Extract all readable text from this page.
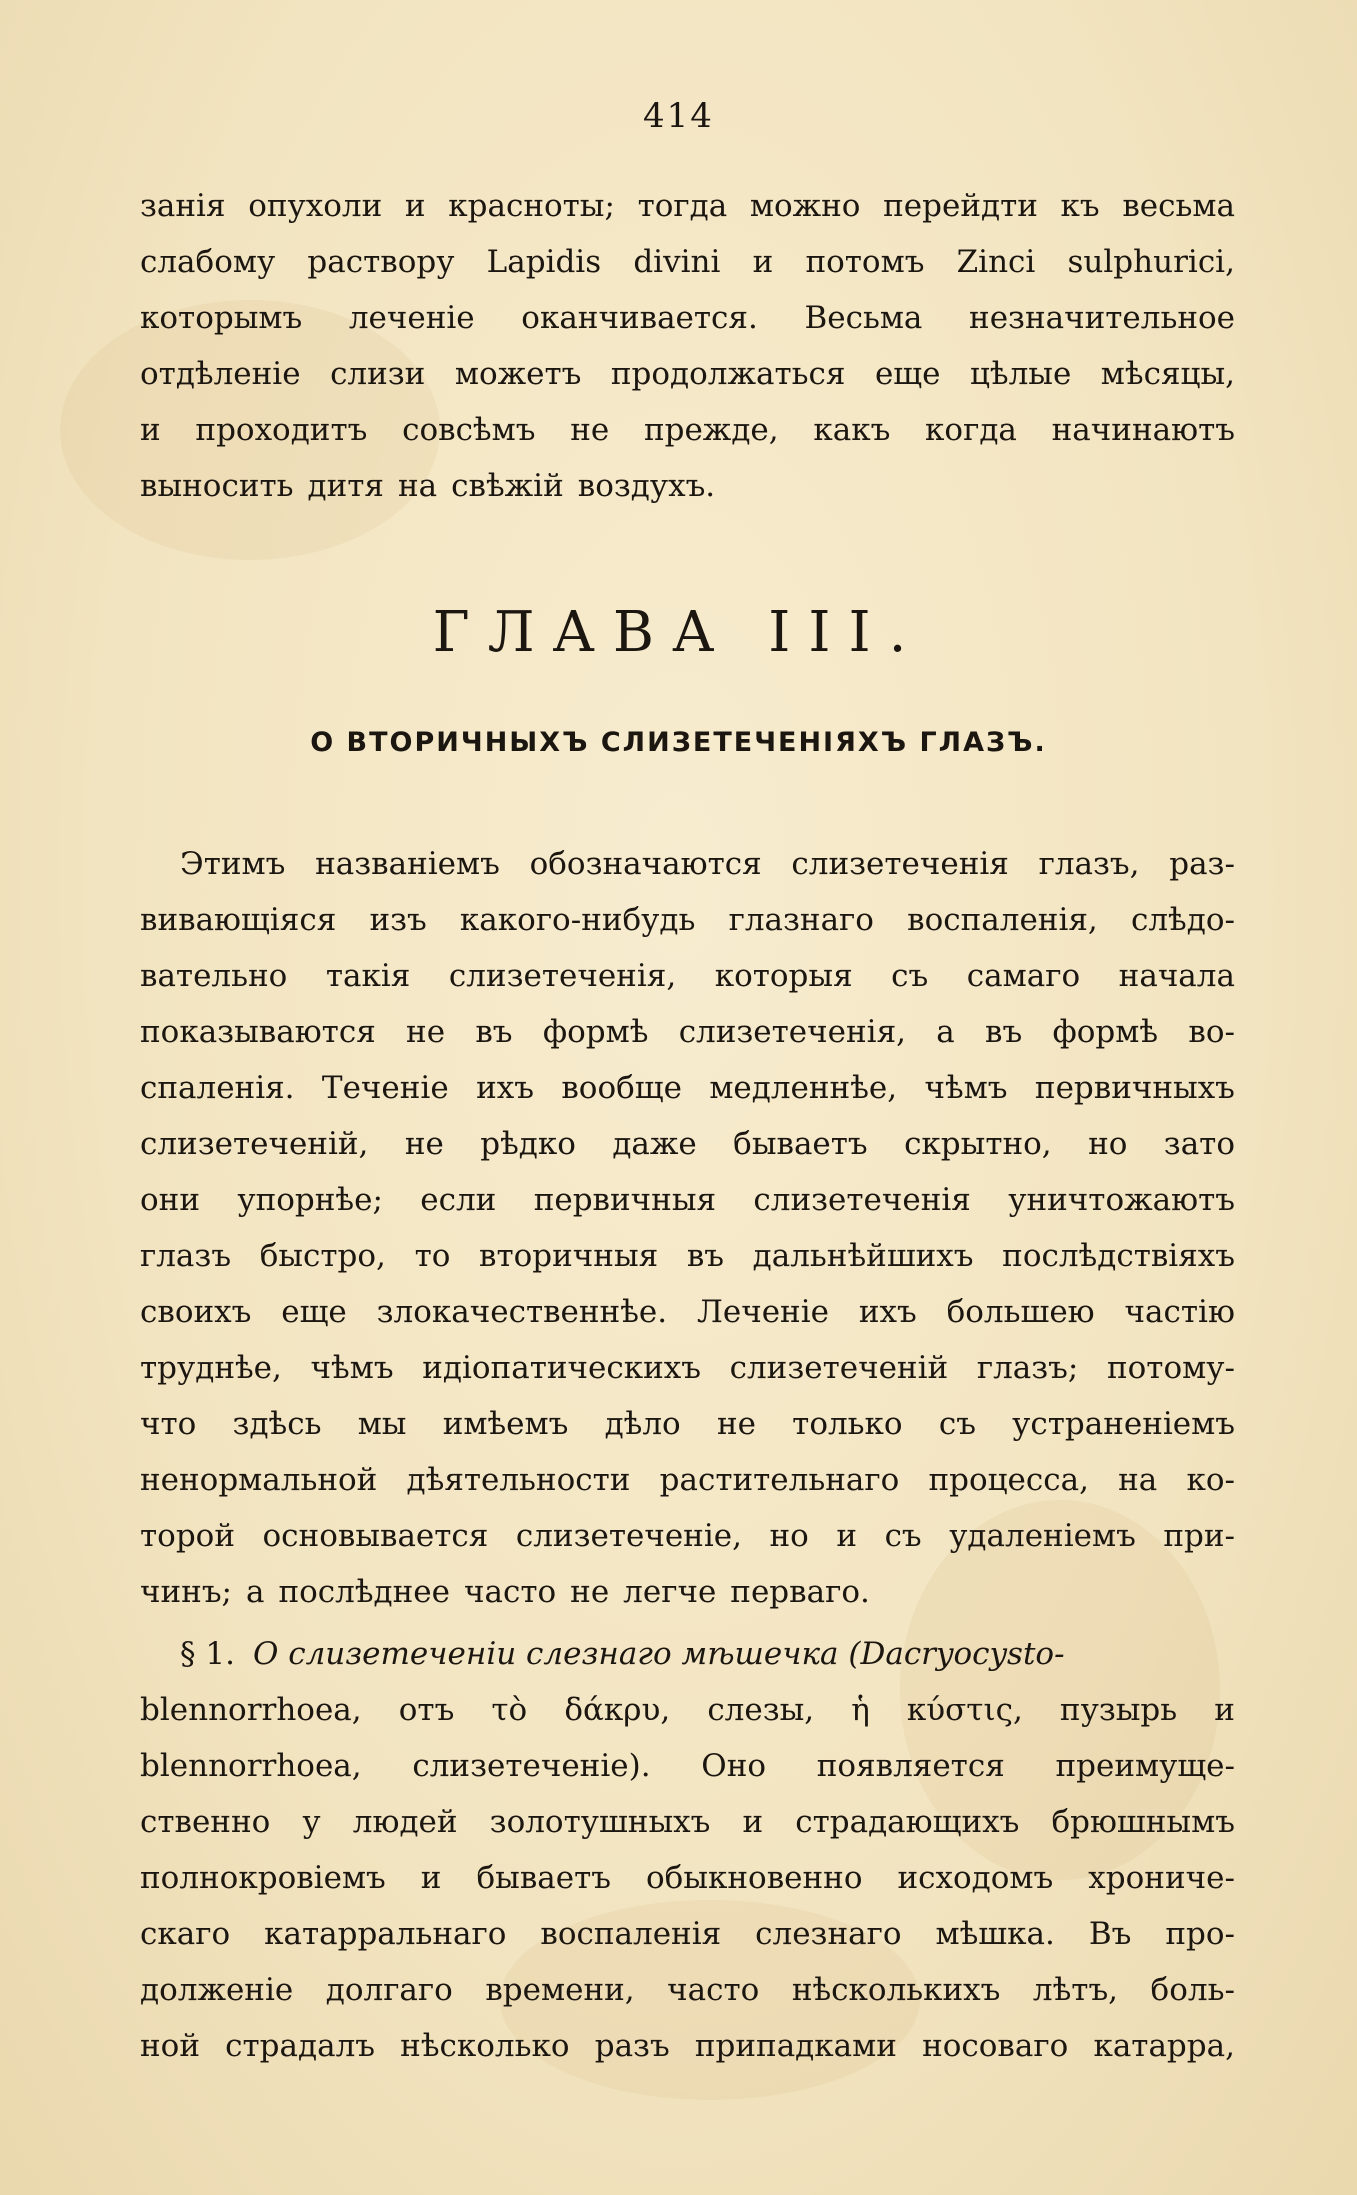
414
занія опухоли и красноты; тогда можно перейдти къ весьма
слабому раствору Lapidis divini и потомъ Zinci sulphurici,
которымъ леченіе оканчивается. Весьма незначительное
отдѣленіе слизи можетъ продолжаться еще цѣлые мѣсяцы,
и проходитъ совсѣмъ не прежде, какъ когда начинаютъ
выносить дитя на свѣжій воздухъ.
ГЛАВА III.
О ВТОРИЧНЫХЪ СЛИЗЕТЕЧЕНІЯХЪ ГЛАЗЪ.
Этимъ названіемъ обозначаются слизетеченія глазъ, раз-
вивающіяся изъ какого-нибудь глазнаго воспаленія, слѣдо-
вательно такія слизетеченія, которыя съ самаго начала
показываются не въ формѣ слизетеченія, а въ формѣ во-
спаленія. Теченіе ихъ вообще медленнѣе, чѣмъ первичныхъ
слизетеченій, не рѣдко даже бываетъ скрытно, но зато
они упорнѣе; если первичныя слизетеченія уничтожаютъ
глазъ быстро, то вторичныя въ дальнѣйшихъ послѣдствіяхъ
своихъ еще злокачественнѣе. Леченіе ихъ большею частію
труднѣе, чѣмъ идіопатическихъ слизетеченій глазъ; потому-
что здѣсь мы имѣемъ дѣло не только съ устраненіемъ
ненормальной дѣятельности растительнаго процесса, на ко-
торой основывается слизетеченіе, но и съ удаленіемъ при-
чинъ; а послѣднее часто не легче перваго.
§ 1. О слизетеченіи слезнаго мѣшечка (Dacryocysto-
blennorrhoea, отъ τὸ δάκρυ, слезы, ἡ κύστις, пузырь и
blennorrhoea, слизетеченіе). Оно появляется преимуще-
ственно у людей золотушныхъ и страдающихъ брюшнымъ
полнокровіемъ и бываетъ обыкновенно исходомъ хрониче-
скаго катарральнаго воспаленія слезнаго мѣшка. Въ про-
долженіе долгаго времени, часто нѣсколькихъ лѣтъ, боль-
ной страдалъ нѣсколько разъ припадками носоваго катарра,
